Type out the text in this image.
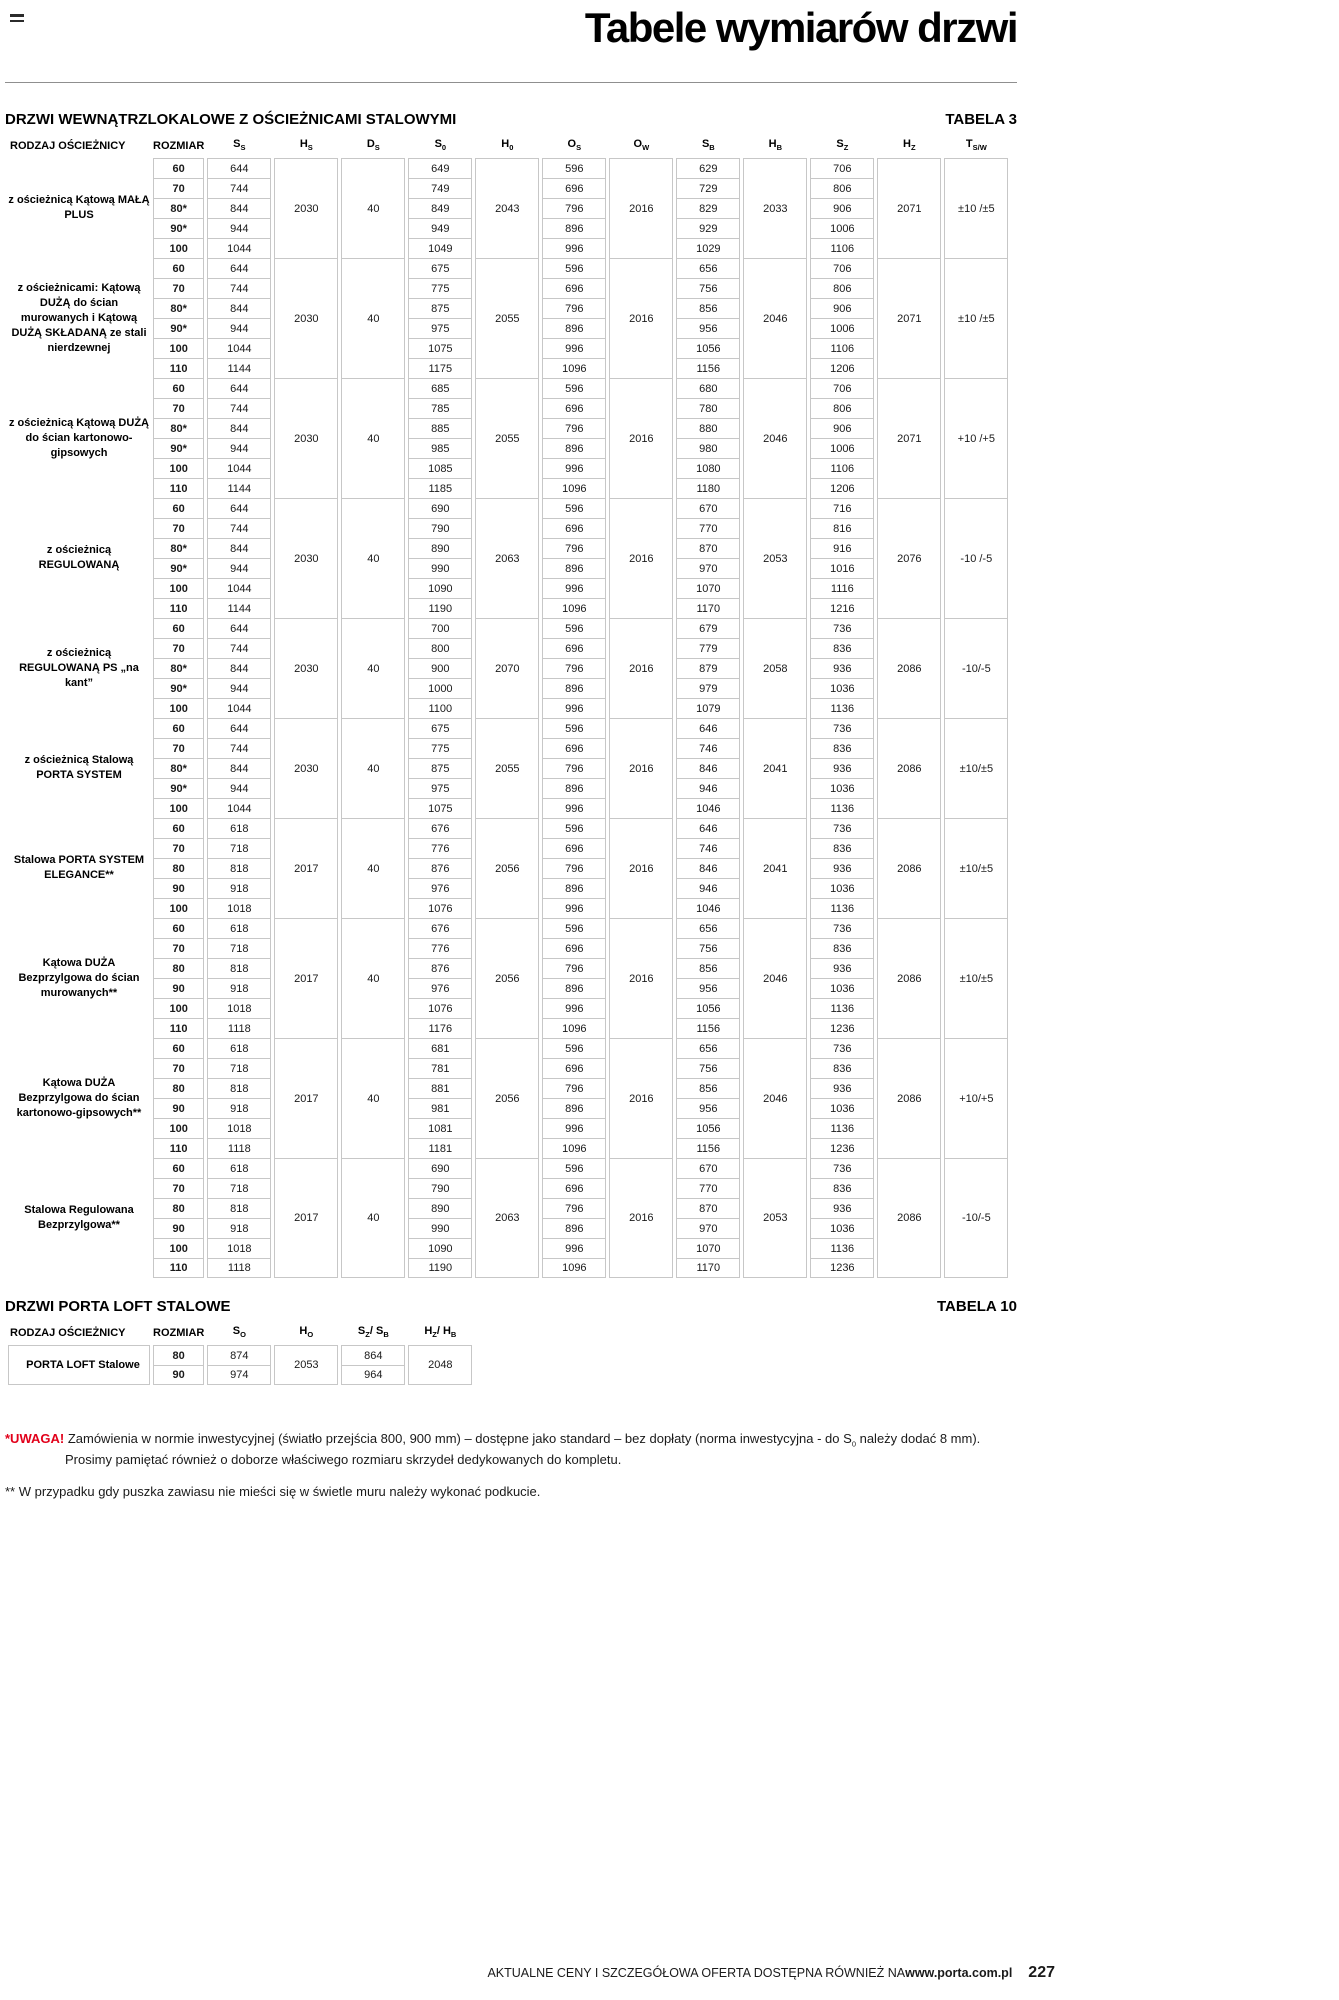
Tabele wymiarów drzwi
DRZWI WEWNĄTRZLOKALOWE Z OŚCIEŻNICAMI STALOWYMI	TABELA 3
RODZAJ OŚCIEŻNICY	ROZMIAR	$S_S$	$H_S$	$D_S$	$S_0$	$H_0$	$O_S$	$O_W$	$S_B$	$H_B$	$S_Z$	$H_Z$	$T_{S/W}$
z ościeżnicą Kątową MAŁĄ PLUS	60	644	2030	40	649	2043	596	2016	629	2033	706	2071	±10 /±5
	70	744			749		696		729		806		
	80*	844			849		796		829		906		
	90*	944			949		896		929		1006		
	100	1044			1049		996		1029		1106		
z ościeżnicami: Kątową DUŻĄ do ścian murowanych i Kątową DUŻĄ SKŁADANĄ ze stali nierdzewnej	60	644	2030	40	675	2055	596	2016	656	2046	706	2071	±10 /±5
	70	744			775		696		756		806		
	80*	844			875		796		856		906		
	90*	944			975		896		956		1006		
	100	1044			1075		996		1056		1106		
	110	1144			1175		1096		1156		1206		
z ościeżnicą Kątową DUŻĄ do ścian kartonowo-gipsowych	60	644	2030	40	685	2055	596	2016	680	2046	706	2071	+10 /+5
	70	744			785		696		780		806		
	80*	844			885		796		880		906		
	90*	944			985		896		980		1006		
	100	1044			1085		996		1080		1106		
	110	1144			1185		1096		1180		1206		
z ościeżnicą REGULOWANĄ	60	644	2030	40	690	2063	596	2016	670	2053	716	2076	-10 /-5
	70	744			790		696		770		816		
	80*	844			890		796		870		916		
	90*	944			990		896		970		1016		
	100	1044			1090		996		1070		1116		
	110	1144			1190		1096		1170		1216		
z ościeżnicą REGULOWANĄ PS „na kant”	60	644	2030	40	700	2070	596	2016	679	2058	736	2086	-10/-5
	70	744			800		696		779		836		
	80*	844			900		796		879		936		
	90*	944			1000		896		979		1036		
	100	1044			1100		996		1079		1136		
z ościeżnicą Stalową PORTA SYSTEM	60	644	2030	40	675	2055	596	2016	646	2041	736	2086	±10/±5
	70	744			775		696		746		836		
	80*	844			875		796		846		936		
	90*	944			975		896		946		1036		
	100	1044			1075		996		1046		1136		
Stalowa PORTA SYSTEM ELEGANCE**	60	618	2017	40	676	2056	596	2016	646	2041	736	2086	±10/±5
	70	718			776		696		746		836		
	80	818			876		796		846		936		
	90	918			976		896		946		1036		
	100	1018			1076		996		1046		1136		
Kątowa DUŻA Bezprzylgowa do ścian murowanych**	60	618	2017	40	676	2056	596	2016	656	2046	736	2086	±10/±5
	70	718			776		696		756		836		
	80	818			876		796		856		936		
	90	918			976		896		956		1036		
	100	1018			1076		996		1056		1136		
	110	1118			1176		1096		1156		1236		
Kątowa DUŻA Bezprzylgowa do ścian kartonowo-gipsowych**	60	618	2017	40	681	2056	596	2016	656	2046	736	2086	+10/+5
	70	718			781		696		756		836		
	80	818			881		796		856		936		
	90	918			981		896		956		1036		
	100	1018			1081		996		1056		1136		
	110	1118			1181		1096		1156		1236		
Stalowa Regulowana Bezprzylgowa**	60	618	2017	40	690	2063	596	2016	670	2053	736	2086	-10/-5
	70	718			790		696		770		836		
	80	818			890		796		870		936		
	90	918			990		896		970		1036		
	100	1018			1090		996		1070		1136		
	110	1118			1190		1096		1170		1236		
DRZWI PORTA LOFT STALOWE	TABELA 10
RODZAJ OŚCIEŻNICY	ROZMIAR	$S_O$	$H_O$	$S_Z/$ $S_B$	$H_Z/$ $H_B$
PORTA LOFT Stalowe	80	874	2053	864	2048
	90	974		964	

*UWAGA! Zamówienia w normie inwestycyjnej (światło przejścia 800, 900 mm) – dostępne jako standard – bez dopłaty (norma inwestycyjna - do $S_0$ należy dodać 8 mm). Prosimy pamiętać również o doborze właściwego rozmiaru skrzydeł dedykowanych do kompletu.

** W przypadku gdy puszka zawiasu nie mieści się w świetle muru należy wykonać podkucie.

AKTUALNE CENY I SZCZEGÓŁOWA OFERTA DOSTĘPNA RÓWNIEŻ NA www.porta.com.pl 227
